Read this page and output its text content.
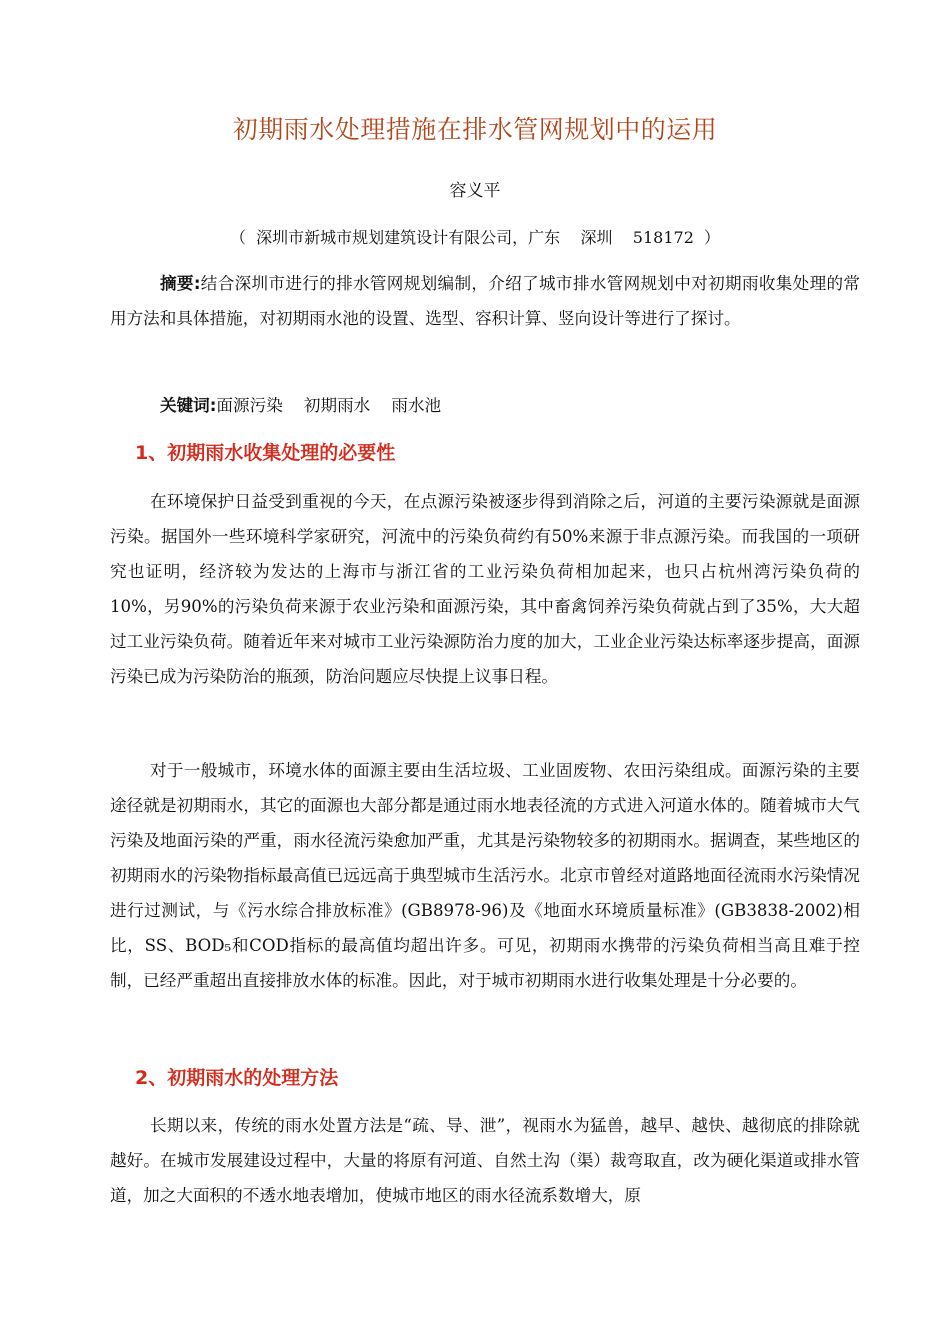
初期雨水处理措施在排水管网规划中的运用
容义平
（  深圳市新城市规划建筑设计有限公司，广东    深圳    518172  ）
摘要:结合深圳市进行的排水管网规划编制，介绍了城市排水管网规划中对初期雨收集处理的常用方法和具体措施，对初期雨水池的设置、选型、容积计算、竖向设计等进行了探讨。
关键词:面源污染    初期雨水    雨水池
1、初期雨水收集处理的必要性
在环境保护日益受到重视的今天，在点源污染被逐步得到消除之后，河道的主要污染源就是面源污染。据国外一些环境科学家研究，河流中的污染负荷约有50%来源于非点源污染。而我国的一项研究也证明，经济较为发达的上海市与浙江省的工业污染负荷相加起来，也只占杭州湾污染负荷的10%，另90%的污染负荷来源于农业污染和面源污染，其中畜禽饲养污染负荷就占到了35%，大大超过工业污染负荷。随着近年来对城市工业污染源防治力度的加大，工业企业污染达标率逐步提高，面源污染已成为污染防治的瓶颈，防治问题应尽快提上议事日程。
对于一般城市，环境水体的面源主要由生活垃圾、工业固废物、农田污染组成。面源污染的主要途径就是初期雨水，其它的面源也大部分都是通过雨水地表径流的方式进入河道水体的。随着城市大气污染及地面污染的严重，雨水径流污染愈加严重，尤其是污染物较多的初期雨水。据调查，某些地区的初期雨水的污染物指标最高值已远远高于典型城市生活污水。北京市曾经对道路地面径流雨水污染情况进行过测试，与《污水综合排放标准》(GB8978-96)及《地面水环境质量标准》(GB3838-2002)相比，SS、BOD₅和COD指标的最高值均超出许多。可见，初期雨水携带的污染负荷相当高且难于控制，已经严重超出直接排放水体的标准。因此，对于城市初期雨水进行收集处理是十分必要的。
2、初期雨水的处理方法
长期以来，传统的雨水处置方法是“疏、导、泄”，视雨水为猛兽，越早、越快、越彻底的排除就越好。在城市发展建设过程中，大量的将原有河道、自然土沟（渠）裁弯取直，改为硬化渠道或排水管道，加之大面积的不透水地表增加，使城市地区的雨水径流系数增大，原
